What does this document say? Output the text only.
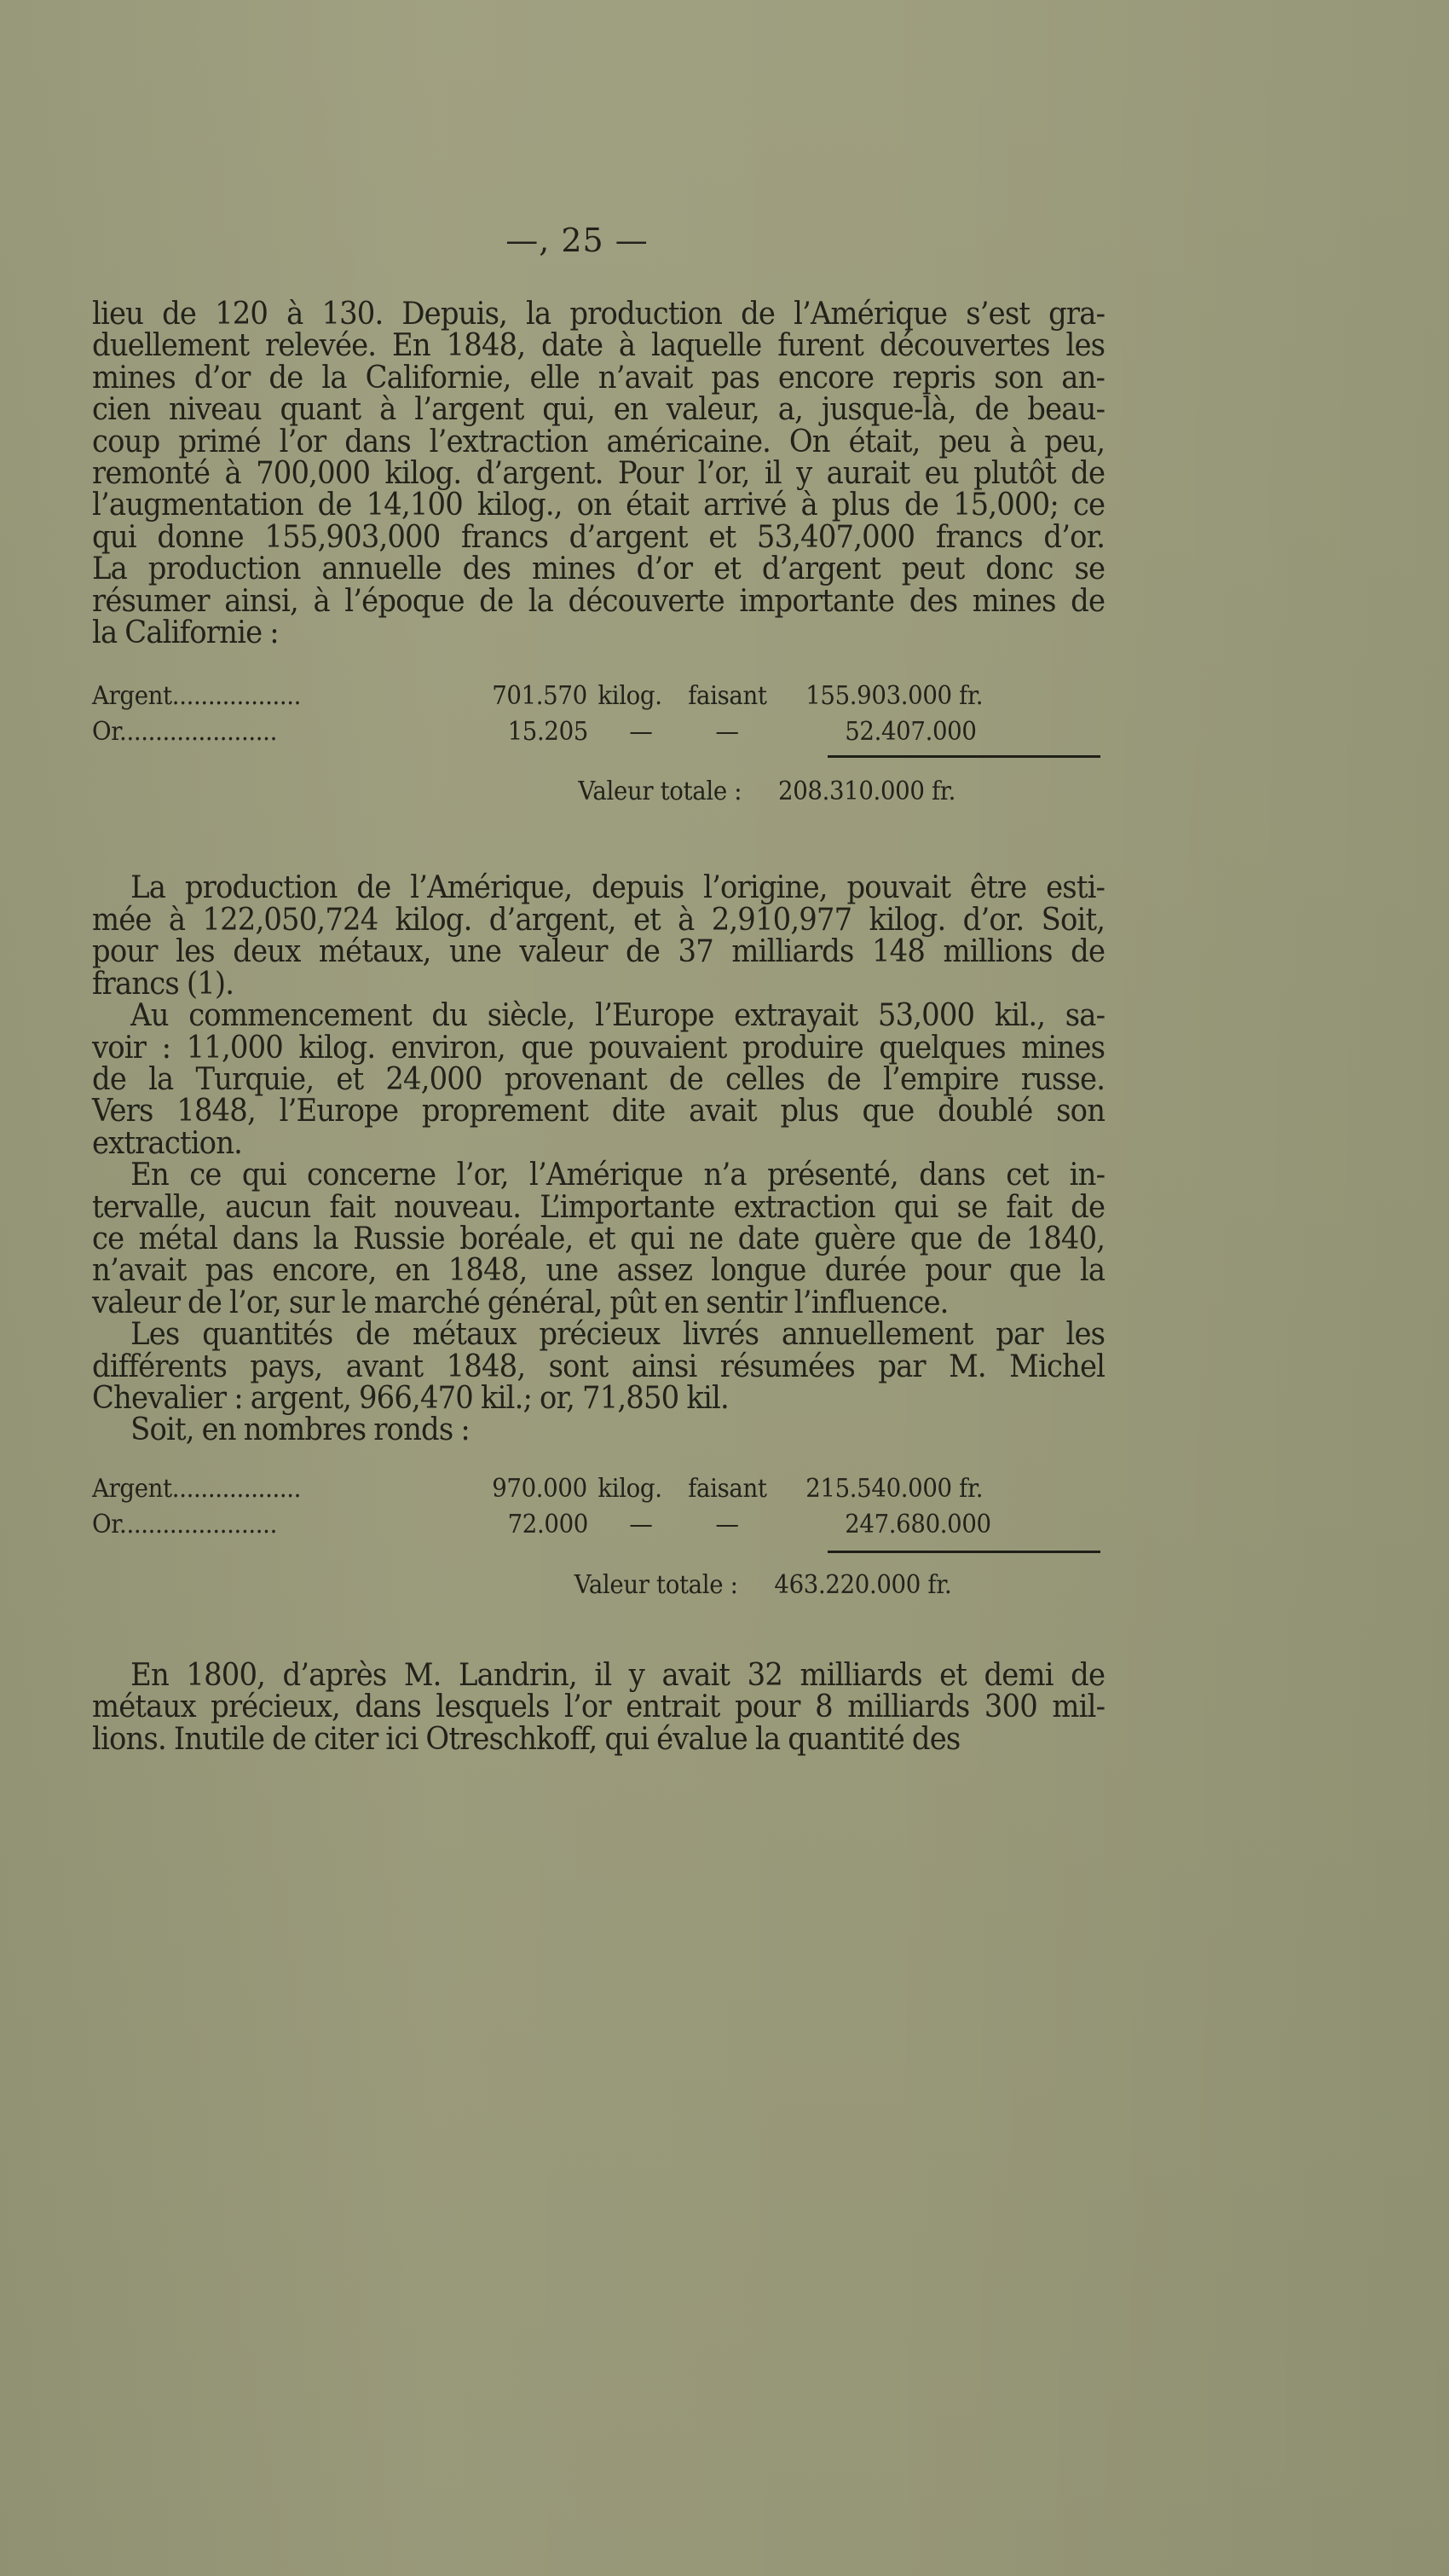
—, 25 —
lieu de 120 à 130. Depuis, la production de l’Amérique s’est gra-
duellement relevée. En 1848, date à laquelle furent découvertes les
mines d’or de la Californie, elle n’avait pas encore repris son an-
cien niveau quant à l’argent qui, en valeur, a, jusque-là, de beau-
coup primé l’or dans l’extraction américaine. On était, peu à peu,
remonté à 700,000 kilog. d’argent. Pour l’or, il y aurait eu plutôt de
l’augmentation de 14,100 kilog., on était arrivé à plus de 15,000; ce
qui donne 155,903,000 francs d’argent et 53,407,000 francs d’or.
La production annuelle des mines d’or et d’argent peut donc se
résumer ainsi, à l’époque de la découverte importante des mines de
la Californie :
Argent..................	701.570 kilog. faisant 155.903.000 fr.
Or......................	15.205 — —	52.407.000
Valeur totale : 208.310.000 fr.
La production de l’Amérique, depuis l’origine, pouvait être esti-
mée à 122,050,724 kilog. d’argent, et à 2,910,977 kilog. d’or. Soit,
pour les deux métaux, une valeur de 37 milliards 148 millions de
francs (1).
Au commencement du siècle, l’Europe extrayait 53,000 kil., sa-
voir : 11,000 kilog. environ, que pouvaient produire quelques mines
de la Turquie, et 24,000 provenant de celles de l’empire russe.
Vers 1848, l’Europe proprement dite avait plus que doublé son
extraction.
En ce qui concerne l’or, l’Amérique n’a présenté, dans cet in-
tervalle, aucun fait nouveau. L’importante extraction qui se fait de
ce métal dans la Russie boréale, et qui ne date guère que de 1840,
n’avait pas encore, en 1848, une assez longue durée pour que la
valeur de l’or, sur le marché général, pût en sentir l’influence.
Les quantités de métaux précieux livrés annuellement par les
différents pays, avant 1848, sont ainsi résumées par M. Michel
Chevalier : argent, 966,470 kil.; or, 71,850 kil.
Soit, en nombres ronds :
Argent..................	970.000 kilog. faisant 215.540.000 fr.
Or......................	72.000 — —	247.680.000
Valeur totale : 463.220.000 fr.
En 1800, d’après M. Landrin, il y avait 32 milliards et demi de
métaux précieux, dans lesquels l’or entrait pour 8 milliards 300 mil-
lions. Inutile de citer ici Otreschkoff, qui évalue la quantité des
